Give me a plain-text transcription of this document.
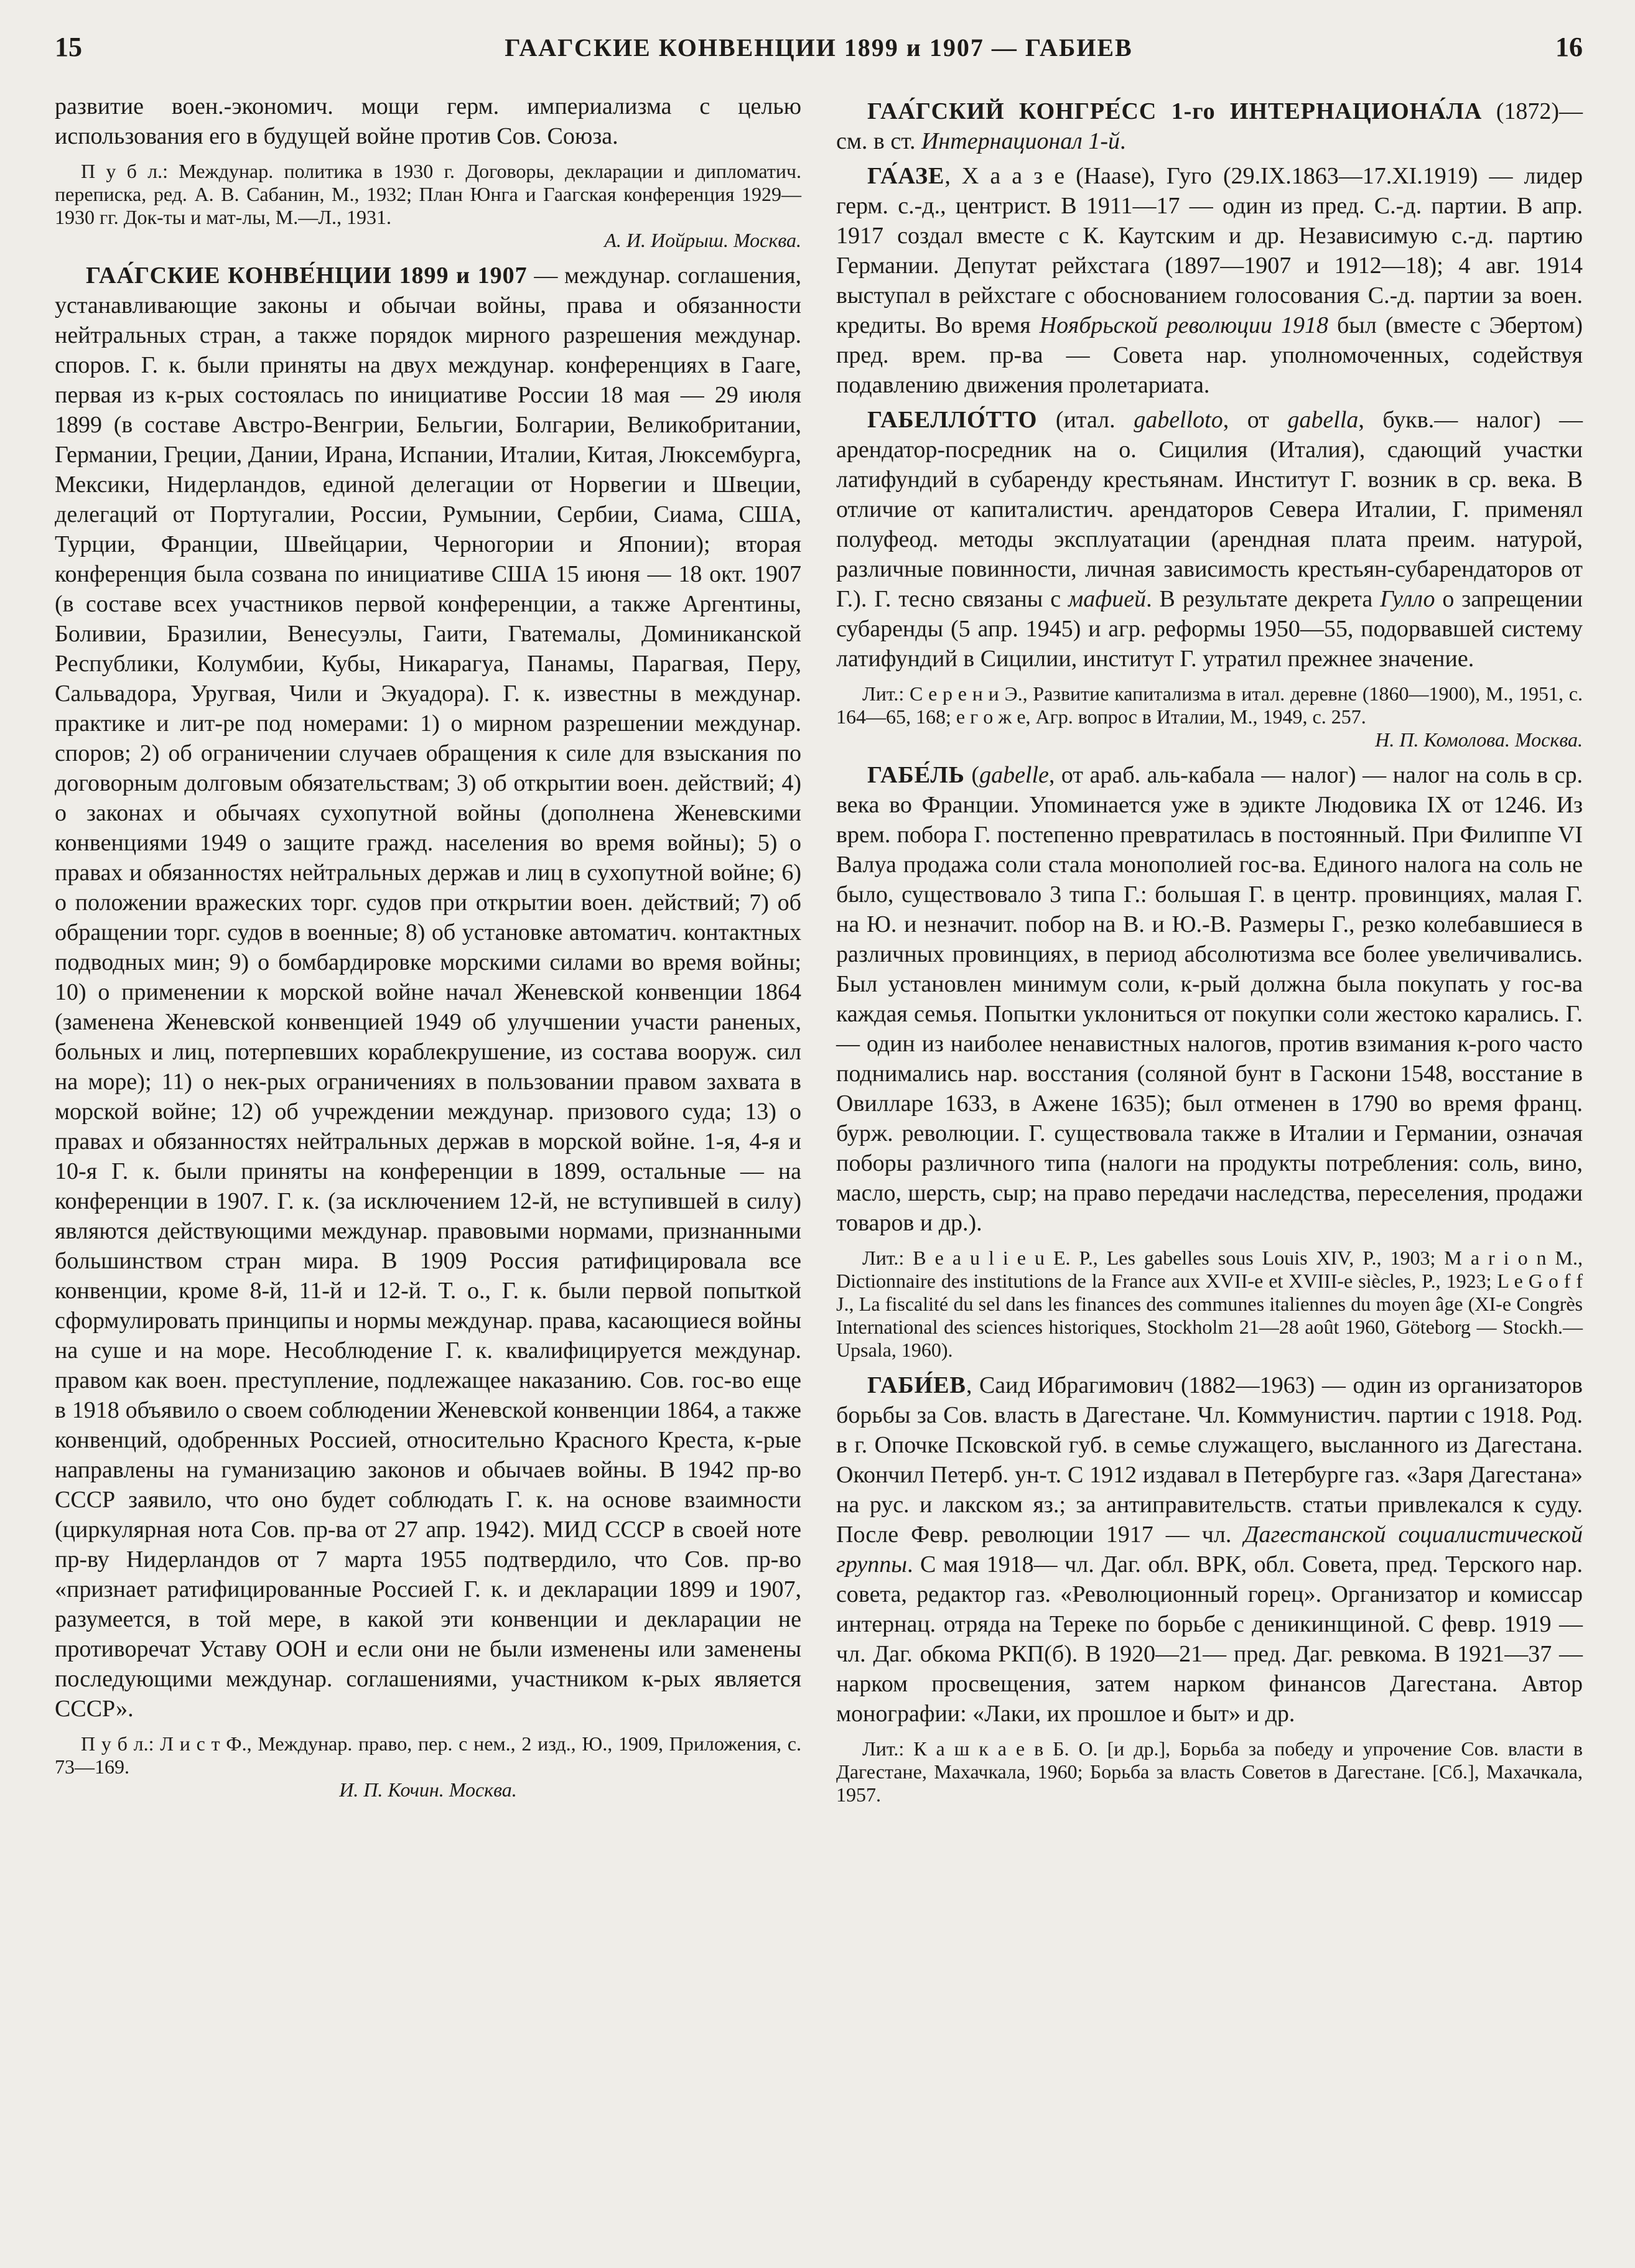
15	ГААГСКИЕ КОНВЕНЦИИ 1899 и 1907 — ГАБИЕВ	16

развитие воен.-экономич. мощи герм. империализма с целью использования его в будущей войне против Сов. Союза.

П у б л.: Междунар. политика в 1930 г. Договоры, декларации и дипломатич. переписка, ред. А. В. Сабанин, М., 1932; План Юнга и Гаагская конференция 1929—1930 гг. Док-ты и мат-лы, М.—Л., 1931.

А. И. Иойрыш. Москва.

ГАА́ГСКИЕ КОНВЕ́НЦИИ 1899 и 1907 — междунар. соглашения, устанавливающие законы и обычаи войны, права и обязанности нейтральных стран, а также порядок мирного разрешения междунар. споров. Г. к. были приняты на двух междунар. конференциях в Гааге, первая из к-рых состоялась по инициативе России 18 мая — 29 июля 1899 (в составе Австро-Венгрии, Бельгии, Болгарии, Великобритании, Германии, Греции, Дании, Ирана, Испании, Италии, Китая, Люксембурга, Мексики, Нидерландов, единой делегации от Норвегии и Швеции, делегаций от Португалии, России, Румынии, Сербии, Сиама, США, Турции, Франции, Швейцарии, Черногории и Японии); вторая конференция была созвана по инициативе США 15 июня — 18 окт. 1907 (в составе всех участников первой конференции, а также Аргентины, Боливии, Бразилии, Венесуэлы, Гаити, Гватемалы, Доминиканской Республики, Колумбии, Кубы, Никарагуа, Панамы, Парагвая, Перу, Сальвадора, Уругвая, Чили и Экуадора). Г. к. известны в междунар. практике и лит-ре под номерами: 1) о мирном разрешении междунар. споров; 2) об ограничении случаев обращения к силе для взыскания по договорным долговым обязательствам; 3) об открытии воен. действий; 4) о законах и обычаях сухопутной войны (дополнена Женевскими конвенциями 1949 о защите гражд. населения во время войны); 5) о правах и обязанностях нейтральных держав и лиц в сухопутной войне; 6) о положении вражеских торг. судов при открытии воен. действий; 7) об обращении торг. судов в военные; 8) об установке автоматич. контактных подводных мин; 9) о бомбардировке морскими силами во время войны; 10) о применении к морской войне начал Женевской конвенции 1864 (заменена Женевской конвенцией 1949 об улучшении участи раненых, больных и лиц, потерпевших кораблекрушение, из состава вооруж. сил на море); 11) о нек-рых ограничениях в пользовании правом захвата в морской войне; 12) об учреждении междунар. призового суда; 13) о правах и обязанностях нейтральных держав в морской войне. 1-я, 4-я и 10-я Г. к. были приняты на конференции в 1899, остальные — на конференции в 1907. Г. к. (за исключением 12-й, не вступившей в силу) являются действующими междунар. правовыми нормами, признанными большинством стран мира. В 1909 Россия ратифицировала все конвенции, кроме 8-й, 11-й и 12-й. Т. о., Г. к. были первой попыткой сформулировать принципы и нормы междунар. права, касающиеся войны на суше и на море. Несоблюдение Г. к. квалифицируется междунар. правом как воен. преступление, подлежащее наказанию. Сов. гос-во еще в 1918 объявило о своем соблюдении Женевской конвенции 1864, а также конвенций, одобренных Россией, относительно Красного Креста, к-рые направлены на гуманизацию законов и обычаев войны. В 1942 пр-во СССР заявило, что оно будет соблюдать Г. к. на основе взаимности (циркулярная нота Сов. пр-ва от 27 апр. 1942). МИД СССР в своей ноте пр-ву Нидерландов от 7 марта 1955 подтвердило, что Сов. пр-во «признает ратифицированные Россией Г. к. и декларации 1899 и 1907, разумеется, в той мере, в какой эти конвенции и декларации не противоречат Уставу ООН и если они не были изменены или заменены последующими междунар. соглашениями, участником к-рых является СССР».

П у б л.: Л и с т Ф., Междунар. право, пер. с нем., 2 изд., Ю., 1909, Приложения, с. 73—169.

И. П. Кочин. Москва.

ГАА́ГСКИЙ КОНГРЕ́СС 1-го ИНТЕРНАЦИОНА́ЛА (1872)— см. в ст. Интернационал 1-й.

ГА́АЗЕ, Х а а з е (Haase), Гуго (29.IX.1863—17.XI.1919) — лидер герм. с.-д., центрист. В 1911—17 — один из пред. С.-д. партии. В апр. 1917 создал вместе с К. Каутским и др. Независимую с.-д. партию Германии. Депутат рейхстага (1897—1907 и 1912—18); 4 авг. 1914 выступал в рейхстаге с обоснованием голосования С.-д. партии за воен. кредиты. Во время Ноябрьской революции 1918 был (вместе с Эбертом) пред. врем. пр-ва — Совета нар. уполномоченных, содействуя подавлению движения пролетариата.

ГАБЕЛЛО́ТТО (итал. gabelloto, от gabella, букв.— налог) — арендатор-посредник на о. Сицилия (Италия), сдающий участки латифундий в субаренду крестьянам. Институт Г. возник в ср. века. В отличие от капиталистич. арендаторов Севера Италии, Г. применял полуфеод. методы эксплуатации (арендная плата преим. натурой, различные повинности, личная зависимость крестьян-субарендаторов от Г.). Г. тесно связаны с мафией. В результате декрета Гулло о запрещении субаренды (5 апр. 1945) и агр. реформы 1950—55, подорвавшей систему латифундий в Сицилии, институт Г. утратил прежнее значение.

Лит.: С е р е н и Э., Развитие капитализма в итал. деревне (1860—1900), М., 1951, с. 164—65, 168; е г о ж е, Агр. вопрос в Италии, М., 1949, с. 257.

Н. П. Комолова. Москва.

ГАБЕ́ЛЬ (gabelle, от араб. аль-кабала — налог) — налог на соль в ср. века во Франции. Упоминается уже в эдикте Людовика IX от 1246. Из врем. побора Г. постепенно превратилась в постоянный. При Филиппе VI Валуа продажа соли стала монополией гос-ва. Единого налога на соль не было, существовало 3 типа Г.: большая Г. в центр. провинциях, малая Г. на Ю. и незначит. побор на В. и Ю.-В. Размеры Г., резко колебавшиеся в различных провинциях, в период абсолютизма все более увеличивались. Был установлен минимум соли, к-рый должна была покупать у гос-ва каждая семья. Попытки уклониться от покупки соли жестоко карались. Г.— один из наиболее ненавистных налогов, против взимания к-рого часто поднимались нар. восстания (соляной бунт в Гаскони 1548, восстание в Овилларе 1633, в Ажене 1635); был отменен в 1790 во время франц. бурж. революции. Г. существовала также в Италии и Германии, означая поборы различного типа (налоги на продукты потребления: соль, вино, масло, шерсть, сыр; на право передачи наследства, переселения, продажи товаров и др.).

Лит.: B e a u l i e u E. P., Les gabelles sous Louis XIV, P., 1903; M a r i o n M., Dictionnaire des institutions de la France aux XVII-e et XVIII-e siècles, P., 1923; L e G o f f J., La fiscalité du sel dans les finances des communes italiennes du moyen âge (XI-e Congrès International des sciences historiques, Stockholm 21—28 août 1960, Göteborg — Stockh.— Upsala, 1960).

ГАБИ́ЕВ, Саид Ибрагимович (1882—1963) — один из организаторов борьбы за Сов. власть в Дагестане. Чл. Коммунистич. партии с 1918. Род. в г. Опочке Псковской губ. в семье служащего, высланного из Дагестана. Окончил Петерб. ун-т. С 1912 издавал в Петербурге газ. «Заря Дагестана» на рус. и лакском яз.; за антиправительств. статьи привлекался к суду. После Февр. революции 1917 — чл. Дагестанской социалистической группы. С мая 1918— чл. Даг. обл. ВРК, обл. Совета, пред. Терского нар. совета, редактор газ. «Революционный горец». Организатор и комиссар интернац. отряда на Тереке по борьбе с деникинщиной. С февр. 1919 — чл. Даг. обкома РКП(б). В 1920—21— пред. Даг. ревкома. В 1921—37 — нарком просвещения, затем нарком финансов Дагестана. Автор монографии: «Лаки, их прошлое и быт» и др.

Лит.: К а ш к а е в Б. О. [и др.], Борьба за победу и упрочение Сов. власти в Дагестане, Махачкала, 1960; Борьба за власть Советов в Дагестане. [Сб.], Махачкала, 1957.
